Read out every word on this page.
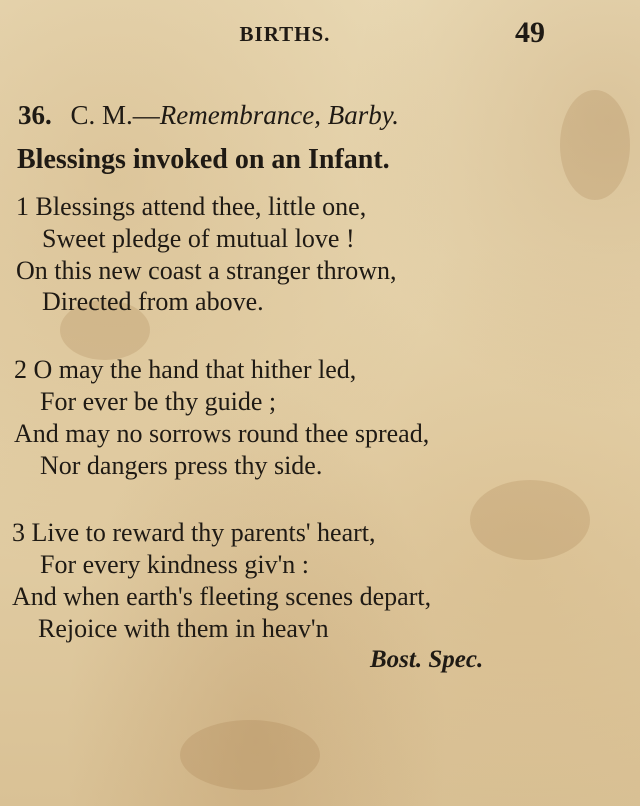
BIRTHS.	49
36. C. M.—Remembrance, Barby.
Blessings invoked on an Infant.
1 Blessings attend thee, little one,
Sweet pledge of mutual love !
On this new coast a stranger thrown,
Directed from above.
2 O may the hand that hither led,
For ever be thy guide ;
And may no sorrows round thee spread,
Nor dangers press thy side.
3 Live to reward thy parents' heart,
For every kindness giv'n :
And when earth's fleeting scenes depart,
Rejoice with them in heav'n
Bost. Spec.
